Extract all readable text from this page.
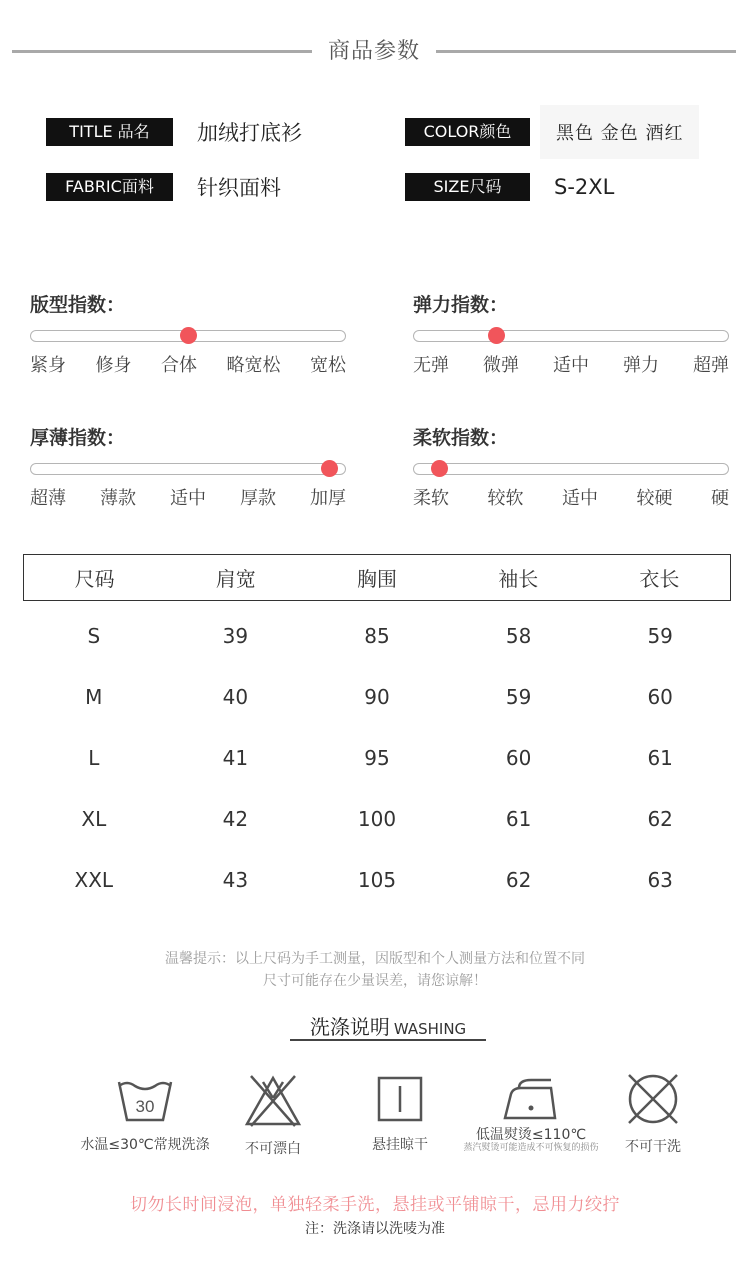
商品参数
TITLE 品名	加绒打底衫
FABRIC面料	针织面料
COLOR颜色	黑色 金色 酒红
SIZE尺码	S-2XL
版型指数：
紧身 修身 合体 略宽松 宽松
弹力指数：
无弹 微弹 适中 弹力 超弹
厚薄指数：
超薄 薄款 适中 厚款 加厚
柔软指数：
柔软 较软 适中 较硬 硬
尺码	肩宽	胸围	袖长	衣长
S	39	85	58	59
M	40	90	59	60
L	41	95	60	61
XL	42	100	61	62
XXL	43	105	62	63
温馨提示：以上尺码为手工测量，因版型和个人测量方法和位置不同
尺寸可能存在少量误差，请您谅解！
洗涤说明 WASHING
30
水温≤30℃常规洗涤	不可漂白	悬挂晾干
低温熨烫≤110℃
蒸汽熨烫可能造成不可恢复的损伤	不可干洗
切勿长时间浸泡，单独轻柔手洗，悬挂或平铺晾干，忌用力绞拧
注：洗涤请以洗唛为准
